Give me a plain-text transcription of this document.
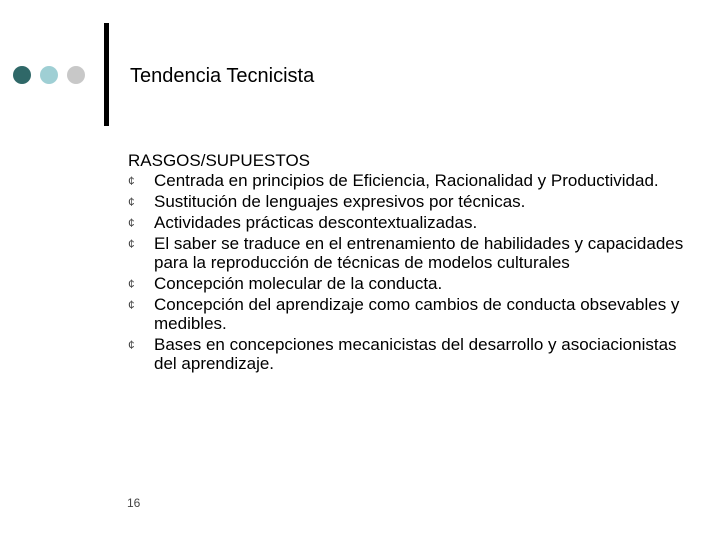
Tendencia Tecnicista
RASGOS/SUPUESTOS
¢ Centrada en principios de Eficiencia, Racionalidad y Productividad.
¢ Sustitución de lenguajes expresivos por técnicas.
¢ Actividades prácticas descontextualizadas.
¢ El saber se traduce en el entrenamiento de habilidades y capacidades para la reproducción de técnicas de modelos culturales
¢ Concepción molecular de la conducta.
¢ Concepción del aprendizaje como cambios de conducta obsevables y medibles.
¢ Bases en concepciones mecanicistas del desarrollo y asociacionistas del aprendizaje.
16
